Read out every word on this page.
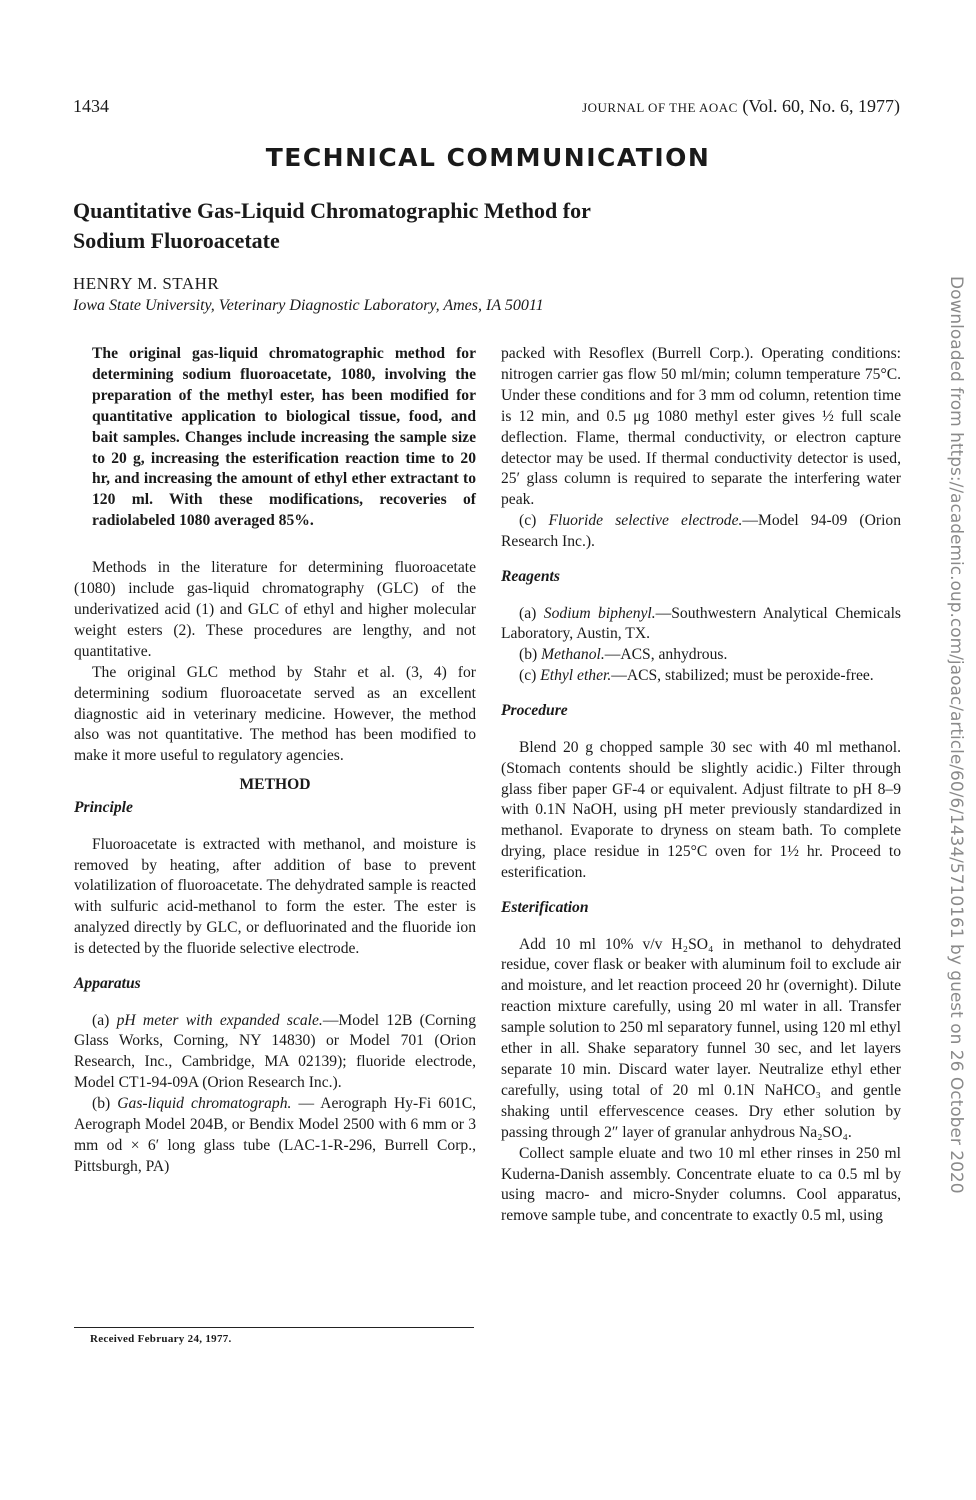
1434	JOURNAL OF THE AOAC (Vol. 60, No. 6, 1977)
TECHNICAL COMMUNICATION
Quantitative Gas-Liquid Chromatographic Method for
Sodium Fluoroacetate
HENRY M. STAHR
Iowa State University, Veterinary Diagnostic Laboratory, Ames, IA 50011

The original gas-liquid chromatographic method for determining sodium fluoroacetate, 1080, involving the preparation of the methyl ester, has been modified for quantitative application to biological tissue, food, and bait samples. Changes include increasing the sample size to 20 g, increasing the esterification reaction time to 20 hr, and increasing the amount of ethyl ether extractant to 120 ml. With these modifications, recoveries of radiolabeled 1080 averaged 85%.

Methods in the literature for determining fluoroacetate (1080) include gas-liquid chromatography (GLC) of the underivatized acid (1) and GLC of ethyl and higher molecular weight esters (2). These procedures are lengthy, and not quantitative.

The original GLC method by Stahr et al. (3, 4) for determining sodium fluoroacetate served as an excellent diagnostic aid in veterinary medicine. However, the method also was not quantitative. The method has been modified to make it more useful to regulatory agencies.

METHOD

Principle

Fluoroacetate is extracted with methanol, and moisture is removed by heating, after addition of base to prevent volatilization of fluoroacetate. The dehydrated sample is reacted with sulfuric acid-methanol to form the ester. The ester is analyzed directly by GLC, or defluorinated and the fluoride ion is detected by the fluoride selective electrode.

Apparatus

(a) pH meter with expanded scale.—Model 12B (Corning Glass Works, Corning, NY 14830) or Model 701 (Orion Research, Inc., Cambridge, MA 02139); fluoride electrode, Model CT1-94-09A (Orion Research Inc.).

(b) Gas-liquid chromatograph. — Aerograph Hy-Fi 601C, Aerograph Model 204B, or Bendix Model 2500 with 6 mm or 3 mm od × 6′ long glass tube (LAC-1-R-296, Burrell Corp., Pittsburgh, PA)

Received February 24, 1977.

packed with Resoflex (Burrell Corp.). Operating conditions: nitrogen carrier gas flow 50 ml/min; column temperature 75°C. Under these conditions and for 3 mm od column, retention time is 12 min, and 0.5 μg 1080 methyl ester gives ½ full scale deflection. Flame, thermal conductivity, or electron capture detector may be used. If thermal conductivity detector is used, 25′ glass column is required to separate the interfering water peak.

(c) Fluoride selective electrode.—Model 94-09 (Orion Research Inc.).

Reagents

(a) Sodium biphenyl.—Southwestern Analytical Chemicals Laboratory, Austin, TX.

(b) Methanol.—ACS, anhydrous.

(c) Ethyl ether.—ACS, stabilized; must be peroxide-free.

Procedure

Blend 20 g chopped sample 30 sec with 40 ml methanol. (Stomach contents should be slightly acidic.) Filter through glass fiber paper GF-4 or equivalent. Adjust filtrate to pH 8–9 with 0.1N NaOH, using pH meter previously standardized in methanol. Evaporate to dryness on steam bath. To complete drying, place residue in 125°C oven for 1½ hr. Proceed to esterification.

Esterification

Add 10 ml 10% v/v H₂SO₄ in methanol to dehydrated residue, cover flask or beaker with aluminum foil to exclude air and moisture, and let reaction proceed 20 hr (overnight). Dilute reaction mixture carefully, using 20 ml water in all. Transfer sample solution to 250 ml separatory funnel, using 120 ml ethyl ether in all. Shake separatory funnel 30 sec, and let layers separate 10 min. Discard water layer. Neutralize ethyl ether carefully, using total of 20 ml 0.1N NaHCO₃ and gentle shaking until effervescence ceases. Dry ether solution by passing through 2″ layer of granular anhydrous Na₂SO₄.

Collect sample eluate and two 10 ml ether rinses in 250 ml Kuderna-Danish assembly. Concentrate eluate to ca 0.5 ml by using macro- and micro-Snyder columns. Cool apparatus, remove sample tube, and concentrate to exactly 0.5 ml, using

Downloaded from https://academic.oup.com/jaoac/article/60/6/1434/5710161 by guest on 26 October 2020
